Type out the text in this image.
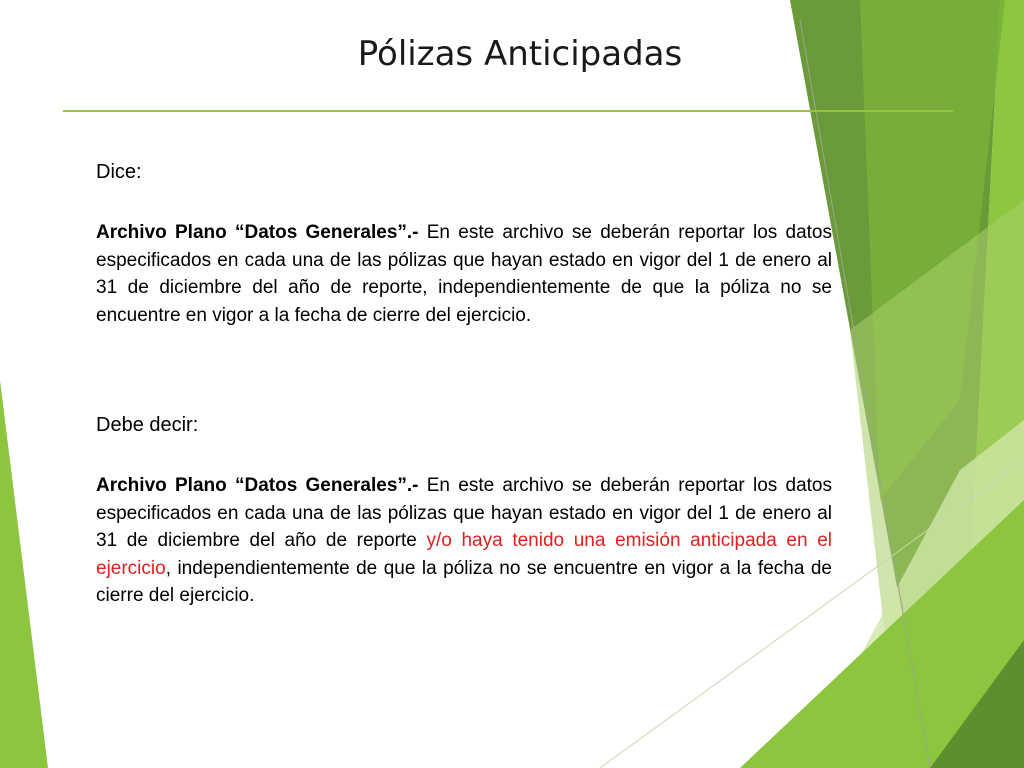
Pólizas Anticipadas
Dice:
Archivo Plano “Datos Generales”.- En este archivo se deberán reportar los datos especificados en cada una de las pólizas que hayan estado en vigor del 1 de enero al 31 de diciembre del año de reporte, independientemente de que la póliza no se encuentre en vigor a la fecha de cierre del ejercicio.
Debe decir:
Archivo Plano “Datos Generales”.- En este archivo se deberán reportar los datos especificados en cada una de las pólizas que hayan estado en vigor del 1 de enero al 31 de diciembre del año de reporte y/o haya tenido una emisión anticipada en el ejercicio, independientemente de que la póliza no se encuentre en vigor a la fecha de cierre del ejercicio.
